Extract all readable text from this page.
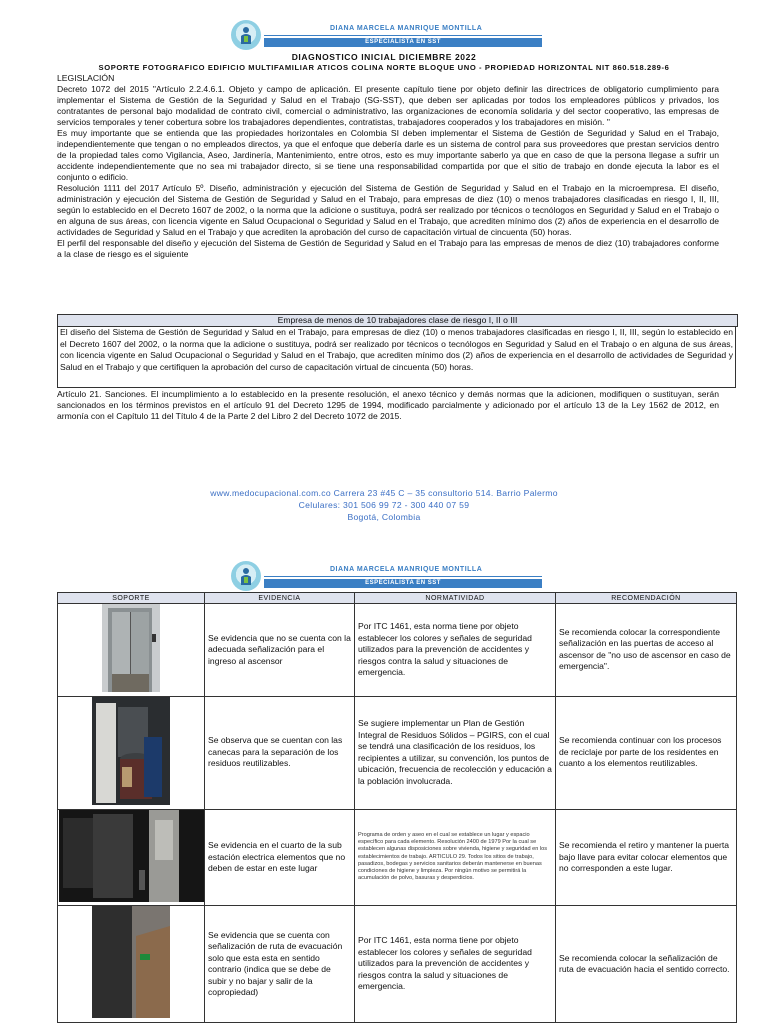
DIANA MARCELA MANRIQUE MONTILLA
ESPECIALISTA EN SST
DIAGNOSTICO INICIAL DICIEMBRE 2022
SOPORTE FOTOGRAFICO EDIFICIO MULTIFAMILIAR ATICOS COLINA NORTE BLOQUE UNO - PROPIEDAD HORIZONTAL NIT 860.518.289-6

LEGISLACIÓN

Decreto 1072 del 2015 "Artículo 2.2.4.6.1. Objeto y campo de aplicación. El presente capítulo tiene por objeto definir las directrices de obligatorio cumplimiento para implementar el Sistema de Gestión de la Seguridad y Salud en el Trabajo (SG-SST), que deben ser aplicadas por todos los empleadores públicos y privados, los contratantes de personal bajo modalidad de contrato civil, comercial o administrativo, las organizaciones de economía solidaria y del sector cooperativo, las empresas de servicios temporales y tener cobertura sobre los trabajadores dependientes, contratistas, trabajadores cooperados y los trabajadores en misión. "

Es muy importante que se entienda que las propiedades horizontales en Colombia SI deben implementar el Sistema de Gestión de Seguridad y Salud en el Trabajo, independientemente que tengan o no empleados directos, ya que el enfoque que debería darle es un sistema de control para sus proveedores que prestan servicios dentro de la propiedad tales como Vigilancia, Aseo, Jardinería, Mantenimiento, entre otros, esto es muy importante saberlo ya que en caso de que la persona llegase a sufrir un accidente independientemente que no sea mi trabajador directo, si se tiene una responsabilidad compartida por que el sitio de trabajo en donde ejecuta la labor es el conjunto o edificio.

Resolución 1111 del 2017 Artículo 5º. Diseño, administración y ejecución del Sistema de Gestión de Seguridad y Salud en el Trabajo en la microempresa. El diseño, administración y ejecución del Sistema de Gestión de Seguridad y Salud en el Trabajo, para empresas de diez (10) o menos trabajadores clasificadas en riesgo I, II, III, según lo establecido en el Decreto 1607 de 2002, o la norma que la adicione o sustituya, podrá ser realizado por técnicos o tecnólogos en Seguridad y Salud en el Trabajo o en alguna de sus áreas, con licencia vigente en Salud Ocupacional o Seguridad y Salud en el Trabajo, que acrediten mínimo dos (2) años de experiencia en el desarrollo de actividades de Seguridad y Salud en el Trabajo y que acrediten la aprobación del curso de capacitación virtual de cincuenta (50) horas.

El perfil del responsable del diseño y ejecución del Sistema de Gestión de Seguridad y Salud en el Trabajo para las empresas de menos de diez (10) trabajadores conforme a la clase de riesgo es el siguiente

Empresa de menos de 10 trabajadores clase de riesgo I, II o III
El diseño del Sistema de Gestión de Seguridad y Salud en el Trabajo, para empresas de diez (10) o menos trabajadores clasificadas en riesgo I, II, III, según lo establecido en el Decreto 1607 del 2002, o la norma que la adicione o sustituya, podrá ser realizado por técnicos o tecnólogos en Seguridad y Salud en el Trabajo o en alguna de sus áreas, con licencia vigente en Salud Ocupacional o Seguridad y Salud en el Trabajo, que acrediten mínimo dos (2) años de experiencia en el desarrollo de actividades de Seguridad y Salud en el Trabajo y que certifiquen la aprobación del curso de capacitación virtual de cincuenta (50) horas.
Artículo 21. Sanciones. El incumplimiento a lo establecido en la presente resolución, el anexo técnico y demás normas que la adicionen, modifiquen o sustituyan, serán sancionados en los términos previstos en el artículo 91 del Decreto 1295 de 1994, modificado parcialmente y adicionado por el artículo 13 de la Ley 1562 de 2012, en armonía con el Capítulo 11 del Título 4 de la Parte 2 del Libro 2 del Decreto 1072 de 2015.
www.medocupacional.com.co Carrera 23 #45 C – 35 consultorio 514. Barrio Palermo
Celulares: 301 506 99 72 - 300 440 07 59
Bogotá, Colombia
DIANA MARCELA MANRIQUE MONTILLA
ESPECIALISTA EN SST
SOPORTE	EVIDENCIA	NORMATIVIDAD	RECOMENDACIÓN
	Se evidencia que no se cuenta con la adecuada señalización para el ingreso al ascensor	Por ITC 1461, esta norma tiene por objeto establecer los colores y señales de seguridad utilizados para la prevención de accidentes y riesgos contra la salud y situaciones de emergencia.	Se recomienda colocar la correspondiente señalización en las puertas de acceso al ascensor de "no uso de ascensor en caso de emergencia".
	Se observa que se cuentan con las canecas para la separación de los residuos reutilizables.	Se sugiere implementar un Plan de Gestión Integral de Residuos Sólidos – PGIRS, con el cual se tendrá una clasificación de los residuos, los recipientes a utilizar, su convención, los puntos de ubicación, frecuencia de recolección y educación a la población involucrada.	Se recomienda continuar con los procesos de reciclaje por parte de los residentes en cuanto a los elementos reutilizables.
	Se evidencia en el cuarto de la sub estación electrica elementos que no deben de estar en este lugar	Programa de orden y aseo en el cual se establece un lugar y espacio específico para cada elemento. Resolución 2400 de 1979 Por la cual se establecen algunas disposiciones sobre vivienda, higiene y seguridad en los establecimientos de trabajo. ARTICULO 29. Todos los sitios de trabajo, pasadizos, bodegas y servicios sanitarios deberán mantenerse en buenas condiciones de higiene y limpieza. Por ningún motivo se permitirá la acumulación de polvo, basuras y desperdicios.	Se recomienda el retiro y mantener la puerta bajo llave para evitar colocar elementos que no corresponden a este lugar.
	Se evidencia que se cuenta con señalización de ruta de evacuación solo que esta esta en sentido contrario (indica que se debe de subir y no bajar y salir de la copropiedad)	Por ITC 1461, esta norma tiene por objeto establecer los colores y señales de seguridad utilizados para la prevención de accidentes y riesgos contra la salud y situaciones de emergencia.	Se recomienda colocar la señalización de ruta de evacuación hacia el sentido correcto.
